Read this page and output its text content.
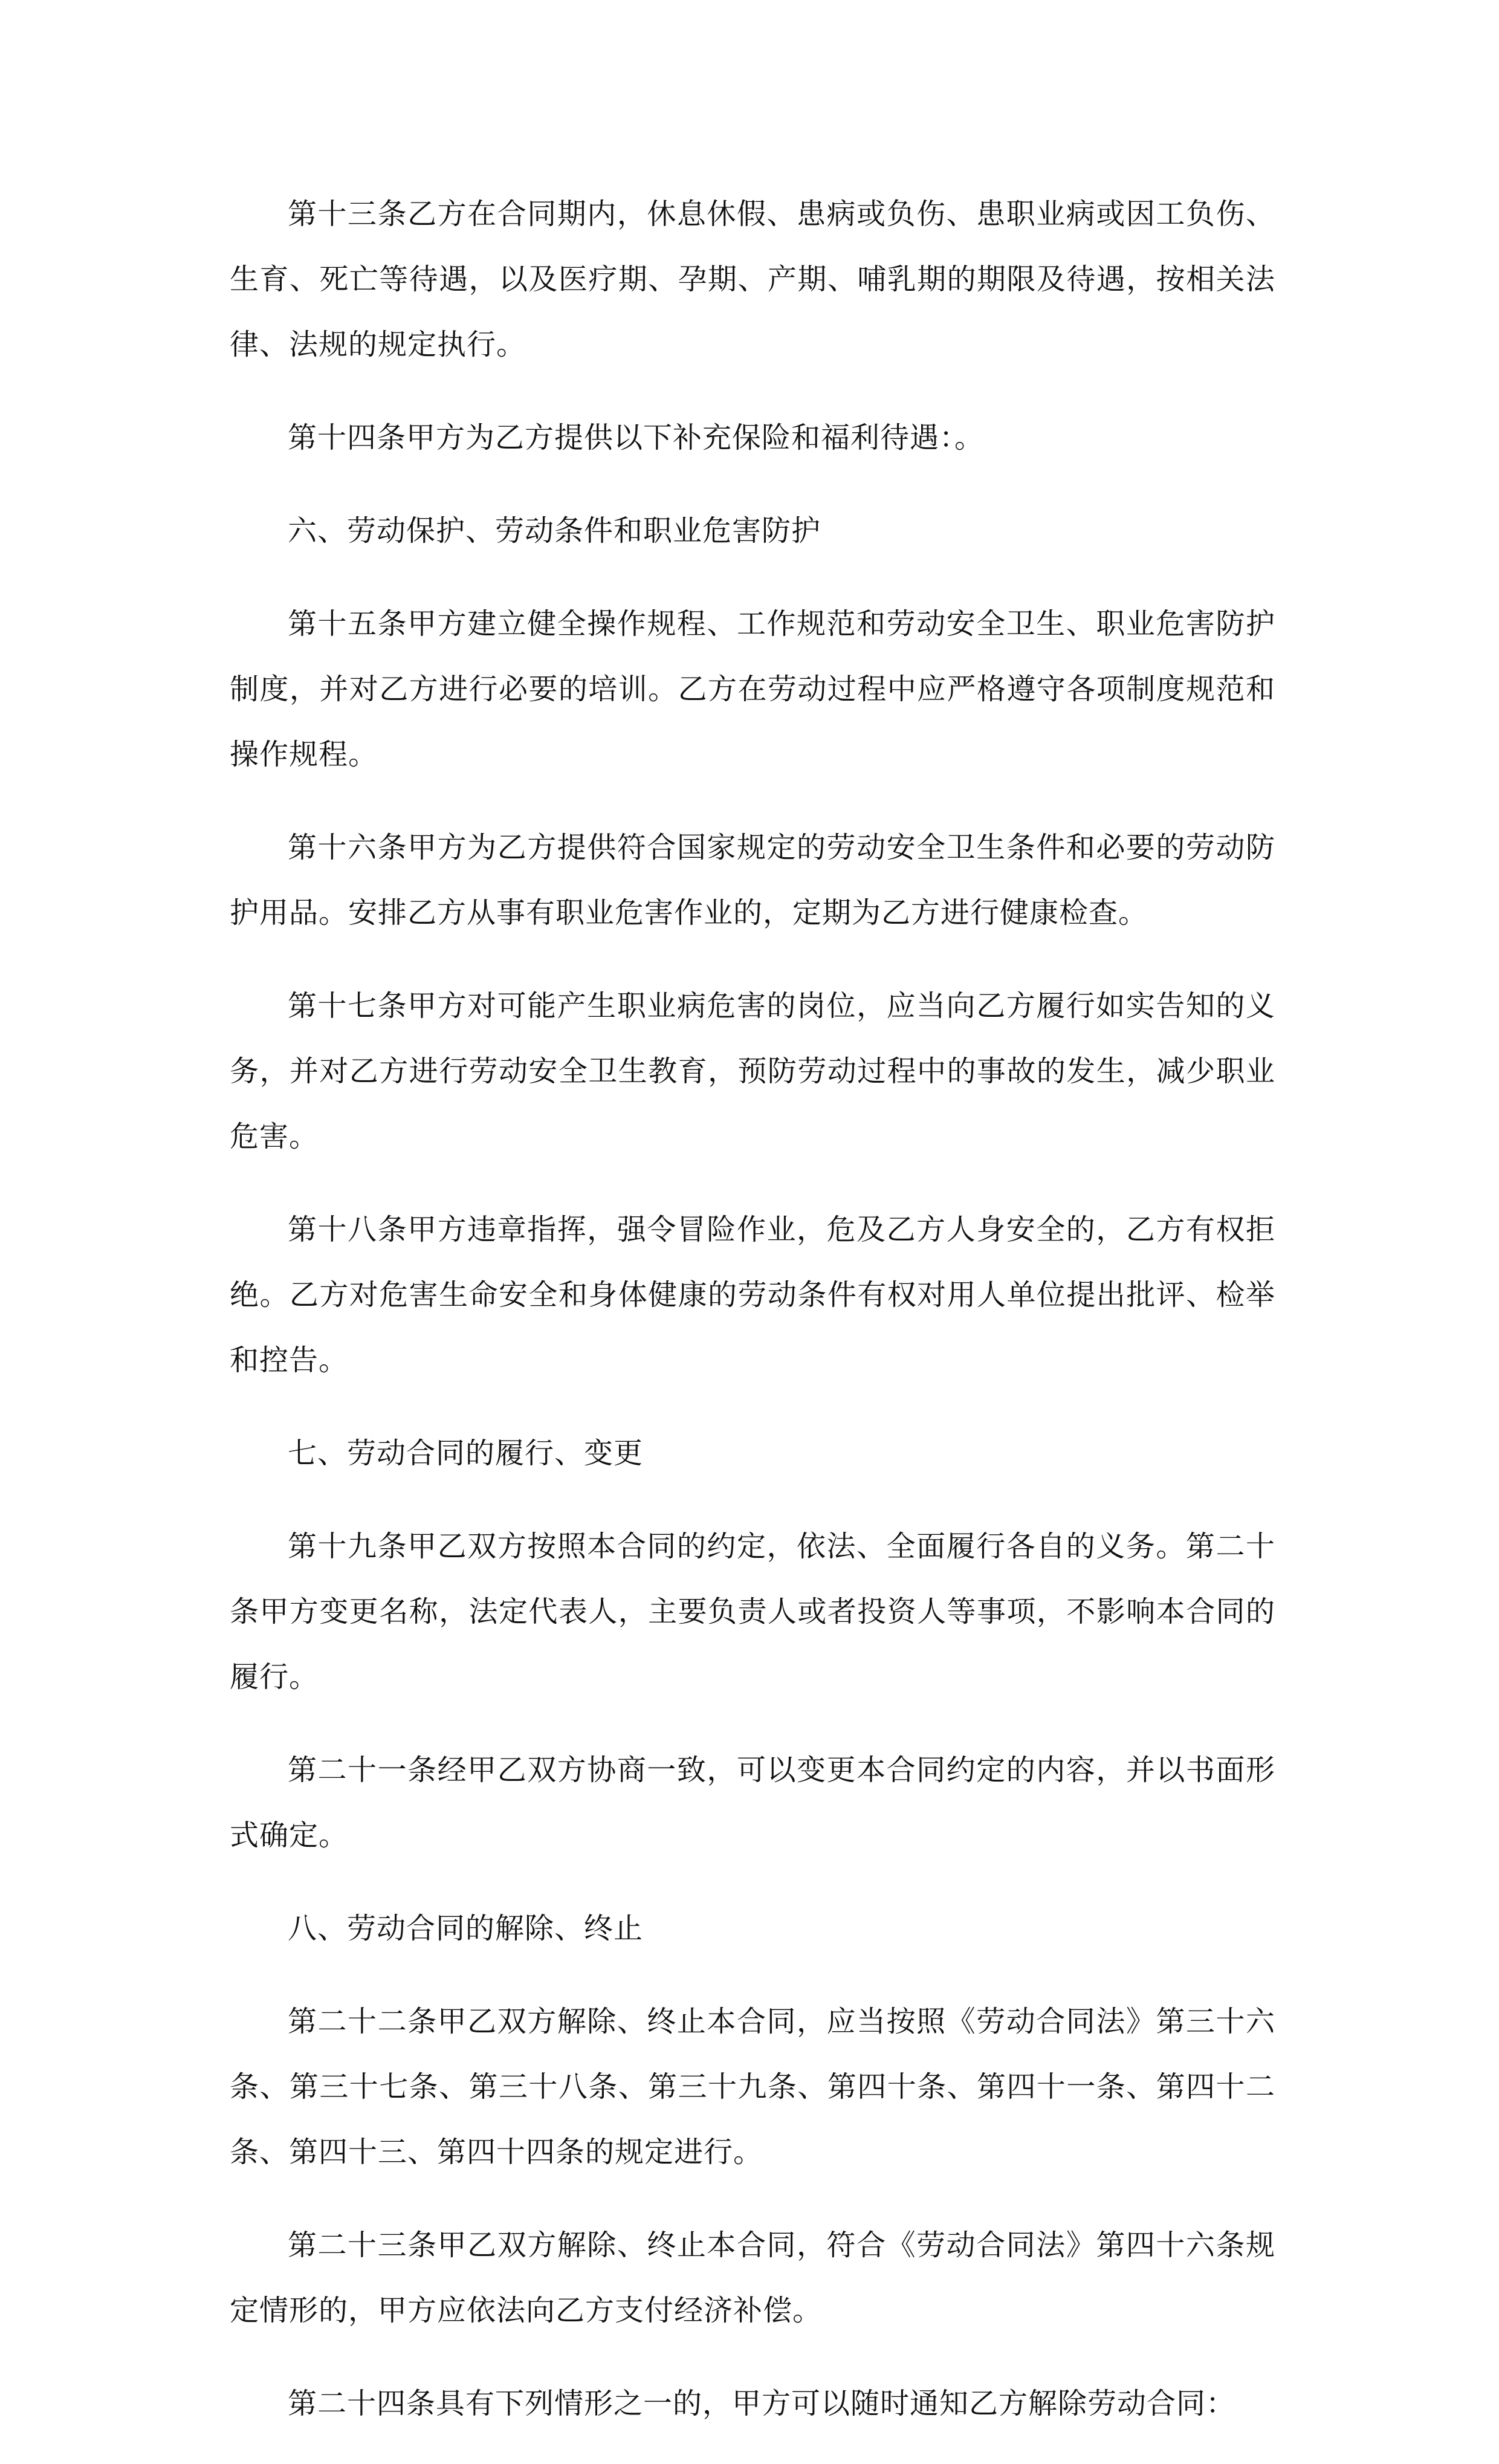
第十三条乙方在合同期内，休息休假、患病或负伤、患职业病或因工负伤、生育、死亡等待遇，以及医疗期、孕期、产期、哺乳期的期限及待遇，按相关法律、法规的规定执行。

第十四条甲方为乙方提供以下补充保险和福利待遇：。

六、劳动保护、劳动条件和职业危害防护

第十五条甲方建立健全操作规程、工作规范和劳动安全卫生、职业危害防护制度，并对乙方进行必要的培训。乙方在劳动过程中应严格遵守各项制度规范和操作规程。

第十六条甲方为乙方提供符合国家规定的劳动安全卫生条件和必要的劳动防护用品。安排乙方从事有职业危害作业的，定期为乙方进行健康检查。

第十七条甲方对可能产生职业病危害的岗位，应当向乙方履行如实告知的义务，并对乙方进行劳动安全卫生教育，预防劳动过程中的事故的发生，减少职业危害。

第十八条甲方违章指挥，强令冒险作业，危及乙方人身安全的，乙方有权拒绝。乙方对危害生命安全和身体健康的劳动条件有权对用人单位提出批评、检举和控告。

七、劳动合同的履行、变更

第十九条甲乙双方按照本合同的约定，依法、全面履行各自的义务。第二十条甲方变更名称，法定代表人，主要负责人或者投资人等事项，不影响本合同的履行。

第二十一条经甲乙双方协商一致，可以变更本合同约定的内容，并以书面形式确定。

八、劳动合同的解除、终止

第二十二条甲乙双方解除、终止本合同，应当按照《劳动合同法》第三十六条、第三十七条、第三十八条、第三十九条、第四十条、第四十一条、第四十二条、第四十三、第四十四条的规定进行。

第二十三条甲乙双方解除、终止本合同，符合《劳动合同法》第四十六条规定情形的，甲方应依法向乙方支付经济补偿。

第二十四条具有下列情形之一的，甲方可以随时通知乙方解除劳动合同：
